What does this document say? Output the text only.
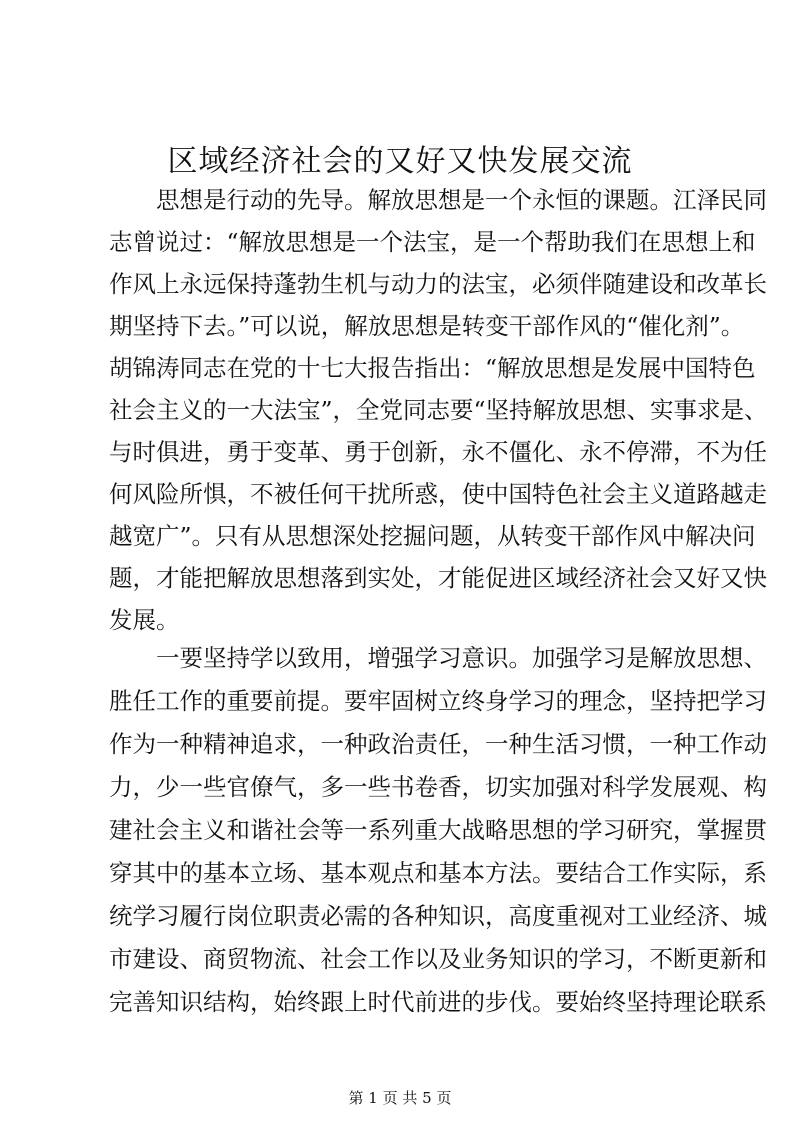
区域经济社会的又好又快发展交流
　　思想是行动的先导。解放思想是一个永恒的课题。江泽民同
志曾说过：“解放思想是一个法宝，是一个帮助我们在思想上和
作风上永远保持蓬勃生机与动力的法宝，必须伴随建设和改革长
期坚持下去。”可以说，解放思想是转变干部作风的“催化剂”。
胡锦涛同志在党的十七大报告指出：“解放思想是发展中国特色
社会主义的一大法宝”，全党同志要“坚持解放思想、实事求是、
与时俱进，勇于变革、勇于创新，永不僵化、永不停滞，不为任
何风险所惧，不被任何干扰所惑，使中国特色社会主义道路越走
越宽广”。只有从思想深处挖掘问题，从转变干部作风中解决问
题，才能把解放思想落到实处，才能促进区域经济社会又好又快
发展。
　　一要坚持学以致用，增强学习意识。加强学习是解放思想、
胜任工作的重要前提。要牢固树立终身学习的理念，坚持把学习
作为一种精神追求，一种政治责任，一种生活习惯，一种工作动
力，少一些官僚气，多一些书卷香，切实加强对科学发展观、构
建社会主义和谐社会等一系列重大战略思想的学习研究，掌握贯
穿其中的基本立场、基本观点和基本方法。要结合工作实际，系
统学习履行岗位职责必需的各种知识，高度重视对工业经济、城
市建设、商贸物流、社会工作以及业务知识的学习，不断更新和
完善知识结构，始终跟上时代前进的步伐。要始终坚持理论联系
第 1 页 共 5 页
